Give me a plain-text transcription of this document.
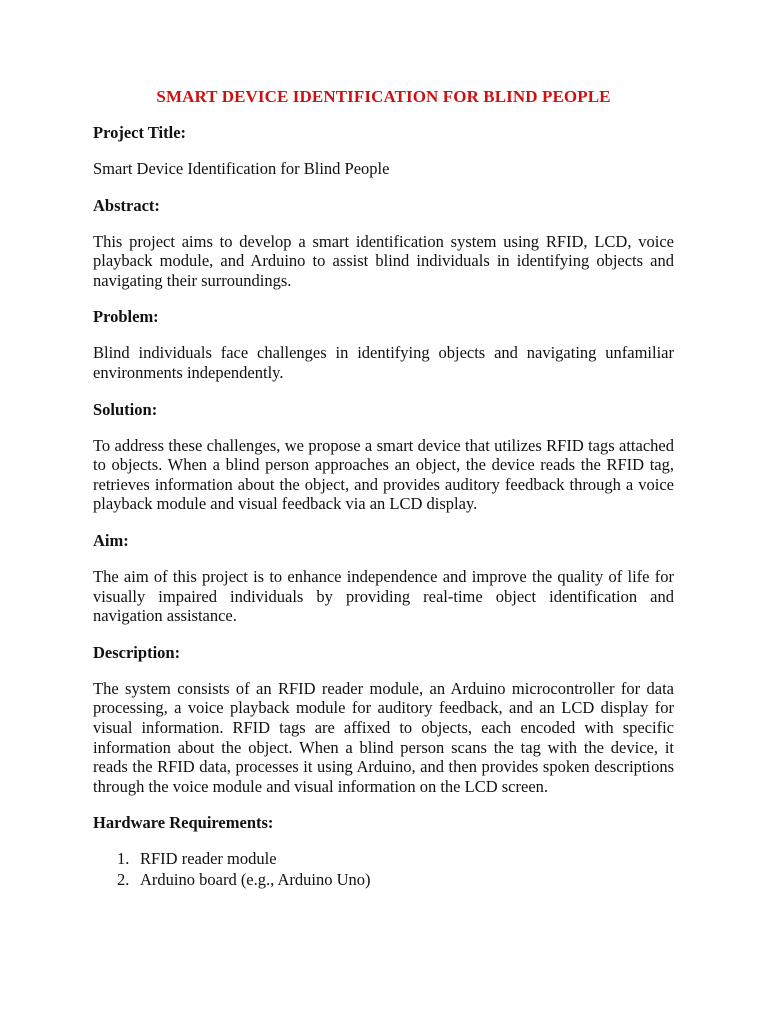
SMART DEVICE IDENTIFICATION FOR BLIND PEOPLE
Project Title:

Smart Device Identification for Blind People

Abstract:

This project aims to develop a smart identification system using RFID, LCD, voice playback module, and Arduino to assist blind individuals in identifying objects and navigating their surroundings.

Problem:

Blind individuals face challenges in identifying objects and navigating unfamiliar environments independently.

Solution:

To address these challenges, we propose a smart device that utilizes RFID tags attached to objects. When a blind person approaches an object, the device reads the RFID tag, retrieves information about the object, and provides auditory feedback through a voice playback module and visual feedback via an LCD display.

Aim:

The aim of this project is to enhance independence and improve the quality of life for visually impaired individuals by providing real-time object identification and navigation assistance.

Description:

The system consists of an RFID reader module, an Arduino microcontroller for data processing, a voice playback module for auditory feedback, and an LCD display for visual information. RFID tags are affixed to objects, each encoded with specific information about the object. When a blind person scans the tag with the device, it reads the RFID data, processes it using Arduino, and then provides spoken descriptions through the voice module and visual information on the LCD screen.

Hardware Requirements:
1. RFID reader module
2. Arduino board (e.g., Arduino Uno)
